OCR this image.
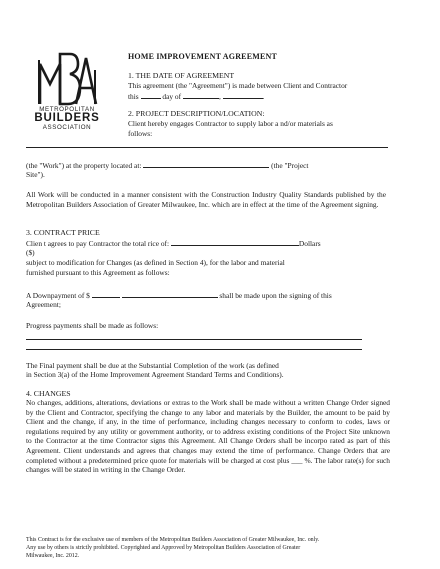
METROPOLITAN
BUILDERS
ASSOCIATION
HOME IMPROVEMENT AGREEMENT
1. THE DATE OF AGREEMENT
This agreement (the "Agreement") is made between Client and Contractor
this	day of	,	.
2. PROJECT DESCRIPTION/LOCATION:
Client hereby engages Contractor to supply labor a nd/or materials as
follows:
(the "Work") at the property located at:	(the "Project
Site").
All Work will be conducted in a manner consistent with the Construction Industry Quality Standards published by the Metropolitan Builders Association of Greater Milwaukee, Inc. which are in effect at the time of the Agreement signing.
3. CONTRACT PRICE
Clien t agrees to pay Contractor the total rice of:	Dollars
($)
subject to modification for Changes (as defined in Section 4), for the labor and material
furnished pursuant to this Agreement as follows:
A Downpayment of $	shall be made upon the signing of this
Agreement;
Progress payments shall be made as follows:
The Final payment shall be due at the Substantial Completion of the work (as defined
in Section 3(a) of the Home Improvement Agreement Standard Terms and Conditions).
4. CHANGES
No changes, additions, alterations, deviations or extras to the Work shall be made without a written Change Order signed by the Client and Contractor, specifying the change to any labor and materials by the Builder, the amount to be paid by Client and the change, if any, in the time of performance, including changes necessary to conform to codes, laws or regulations required by any utility or government authority, or to address existing conditions of the Project Site unknown to the Contractor at the time Contractor signs this Agreement. All Change Orders shall be incorpo rated as part of this Agreement. Client understands and agrees that changes may extend the time of performance. Change Orders that are completed without a predetermined price quote for materials will be charged at cost plus ___ %. The labor rate(s) for such changes will be stated in writing in the Change Order.
This Contract is for the exclusive use of members of the Metropolitan Builders Association of Greater Milwaukee, Inc. only.
Any use by others is strictly prohibited. Copyrighted and Approved by Metropolitan Builders Association of Greater
Milwaukee, Inc. 2012.
